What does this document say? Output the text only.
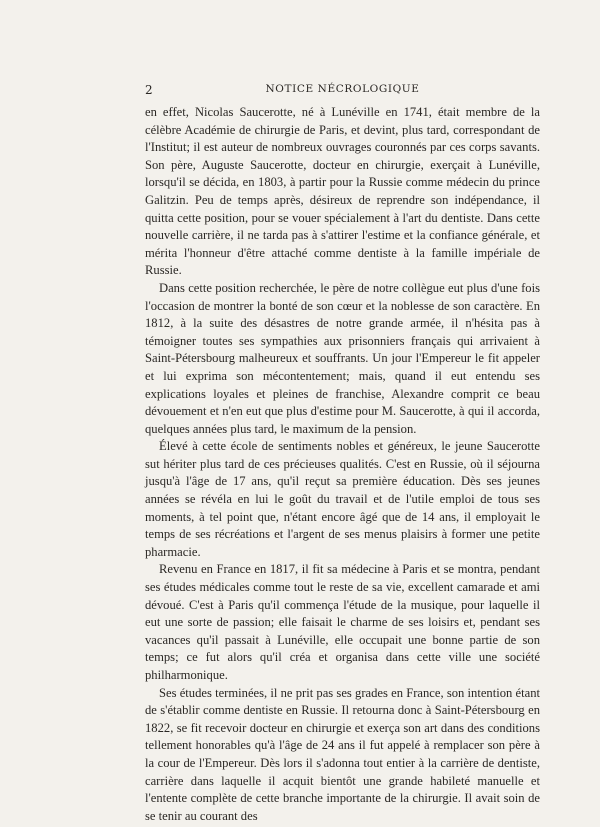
2	NOTICE NÉCROLOGIQUE

en effet, Nicolas Saucerotte, né à Lunéville en 1741, était membre de la célèbre Académie de chirurgie de Paris, et devint, plus tard, correspondant de l'Institut; il est auteur de nombreux ouvrages couronnés par ces corps savants. Son père, Auguste Saucerotte, docteur en chirurgie, exerçait à Lunéville, lorsqu'il se décida, en 1803, à partir pour la Russie comme médecin du prince Galitzin. Peu de temps après, désireux de reprendre son indépendance, il quitta cette position, pour se vouer spécialement à l'art du dentiste. Dans cette nouvelle carrière, il ne tarda pas à s'attirer l'estime et la confiance générale, et mérita l'honneur d'être attaché comme dentiste à la famille impériale de Russie.

Dans cette position recherchée, le père de notre collègue eut plus d'une fois l'occasion de montrer la bonté de son cœur et la noblesse de son caractère. En 1812, à la suite des désastres de notre grande armée, il n'hésita pas à témoigner toutes ses sympathies aux prisonniers français qui arrivaient à Saint-Pétersbourg malheureux et souffrants. Un jour l'Empereur le fit appeler et lui exprima son mécontentement; mais, quand il eut entendu ses explications loyales et pleines de franchise, Alexandre comprit ce beau dévouement et n'en eut que plus d'estime pour M. Saucerotte, à qui il accorda, quelques années plus tard, le maximum de la pension.

Élevé à cette école de sentiments nobles et généreux, le jeune Saucerotte sut hériter plus tard de ces précieuses qualités. C'est en Russie, où il séjourna jusqu'à l'âge de 17 ans, qu'il reçut sa première éducation. Dès ses jeunes années se révéla en lui le goût du travail et de l'utile emploi de tous ses moments, à tel point que, n'étant encore âgé que de 14 ans, il employait le temps de ses récréations et l'argent de ses menus plaisirs à former une petite pharmacie.

Revenu en France en 1817, il fit sa médecine à Paris et se montra, pendant ses études médicales comme tout le reste de sa vie, excellent camarade et ami dévoué. C'est à Paris qu'il commença l'étude de la musique, pour laquelle il eut une sorte de passion; elle faisait le charme de ses loisirs et, pendant ses vacances qu'il passait à Lunéville, elle occupait une bonne partie de son temps; ce fut alors qu'il créa et organisa dans cette ville une société philharmonique.

Ses études terminées, il ne prit pas ses grades en France, son intention étant de s'établir comme dentiste en Russie. Il retourna donc à Saint-Pétersbourg en 1822, se fit recevoir docteur en chirurgie et exerça son art dans des conditions tellement honorables qu'à l'âge de 24 ans il fut appelé à remplacer son père à la cour de l'Empereur. Dès lors il s'adonna tout entier à la carrière de dentiste, carrière dans laquelle il acquit bientôt une grande habileté manuelle et l'entente complète de cette branche importante de la chirurgie. Il avait soin de se tenir au courant des
